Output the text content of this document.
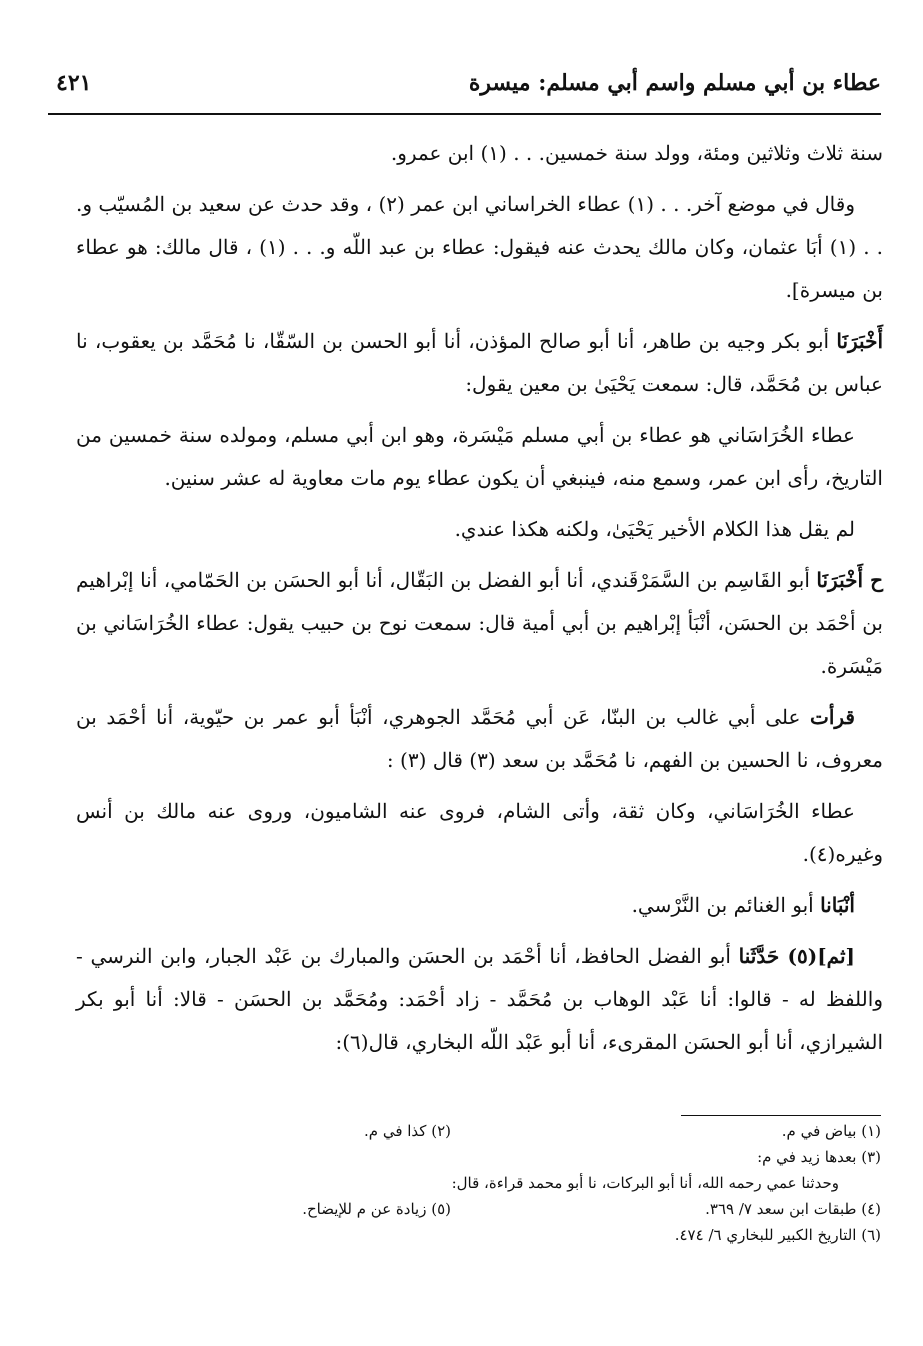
عطاء بن أبي مسلم واسم أبي مسلم: ميسرة
٤٢١

سنة ثلاث وثلاثين ومئة، وولد سنة خمسين. . . (١) ابن عمرو.

وقال في موضع آخر. . . (١) عطاء الخراساني ابن عمر (٢) ، وقد حدث عن سعيد بن المُسيّب و. . . (١) أبَا عثمان، وكان مالك يحدث عنه فيقول: عطاء بن عبد اللّه و. . . (١) ، قال مالك: هو عطاء بن ميسرة].

أَخْبَرَنَا أبو بكر وجيه بن طاهر، أنا أبو صالح المؤذن، أنا أبو الحسن بن السّقّا، نا مُحَمَّد بن يعقوب، نا عباس بن مُحَمَّد، قال: سمعت يَحْيَىٰ بن معين يقول:

عطاء الخُرَاسَاني هو عطاء بن أبي مسلم مَيْسَرة، وهو ابن أبي مسلم، ومولده سنة خمسين من التاريخ، رأى ابن عمر، وسمع منه، فينبغي أن يكون عطاء يوم مات معاوية له عشر سنين.

لم يقل هذا الكلام الأخير يَحْيَىٰ، ولكنه هكذا عندي.

ح أَخْبَرَنَا أبو القَاسِم بن السَّمَرْقَندي، أنا أبو الفضل بن البَقّال، أنا أبو الحسَن بن الحَمّامي، أنا إبْراهيم بن أحْمَد بن الحسَن، أنْبَأ إبْراهيم بن أبي أمية قال: سمعت نوح بن حبيب يقول: عطاء الخُرَاسَاني بن مَيْسَرة.

قرأت على أبي غالب بن البنّا، عَن أبي مُحَمَّد الجوهري، أنْبَأ أبو عمر بن حيّوية، أنا أحْمَد بن معروف، نا الحسين بن الفهم، نا مُحَمَّد بن سعد (٣) قال (٣) :

عطاء الخُرَاسَاني، وكان ثقة، وأتى الشام، فروى عنه الشاميون، وروى عنه مالك بن أنس وغيره(٤).

أنْبَانا أبو الغنائم بن النَّرْسي.

[ثم](٥) حَدَّثَنا أبو الفضل الحافظ، أنا أحْمَد بن الحسَن والمبارك بن عَبْد الجبار، وابن النرسي - واللفظ له - قالوا: أنا عَبْد الوهاب بن مُحَمَّد - زاد أحْمَد: ومُحَمَّد بن الحسَن - قالا: أنا أبو بكر الشيرازي، أنا أبو الحسَن المقرىء، أنا أبو عَبْد اللّه البخاري، قال(٦):

(١) بياض في م.
(٢) كذا في م.
(٣) بعدها زيد في م:
وحدثنا عمي رحمه الله، أنا أبو البركات، نا أبو محمد قراءة، قال:
(٤) طبقات ابن سعد ٧/ ٣٦٩.
(٥) زيادة عن م للإيضاح.
(٦) التاريخ الكبير للبخاري ٦/ ٤٧٤.
